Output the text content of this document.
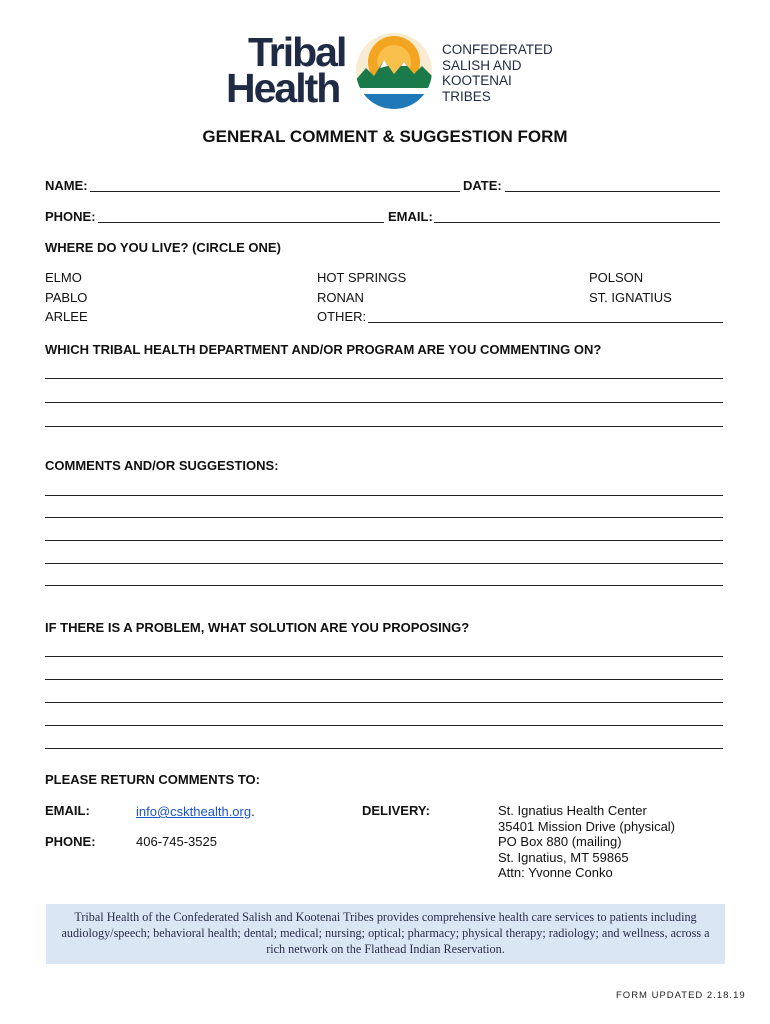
Tribal
Health
CONFEDERATED
SALISH AND
KOOTENAI
TRIBES
GENERAL COMMENT & SUGGESTION FORM
NAME:	DATE:
PHONE:	EMAIL:
WHERE DO YOU LIVE? (CIRCLE ONE)
ELMO
PABLO
ARLEE
HOT SPRINGS
RONAN
OTHER:
POLSON
ST. IGNATIUS
WHICH TRIBAL HEALTH DEPARTMENT AND/OR PROGRAM ARE YOU COMMENTING ON?
COMMENTS AND/OR SUGGESTIONS:
IF THERE IS A PROBLEM, WHAT SOLUTION ARE YOU PROPOSING?
PLEASE RETURN COMMENTS TO:
EMAIL:	info@cskthealth.org.
PHONE:	406-745-3525
DELIVERY:	St. Ignatius Health Center
35401 Mission Drive (physical)
PO Box 880 (mailing)
St. Ignatius, MT 59865
Attn: Yvonne Conko
Tribal Health of the Confederated Salish and Kootenai Tribes provides comprehensive health care services to patients including audiology/speech; behavioral health; dental; medical; nursing; optical; pharmacy; physical therapy; radiology; and wellness, across a rich network on the Flathead Indian Reservation.
FORM UPDATED 2.18.19
